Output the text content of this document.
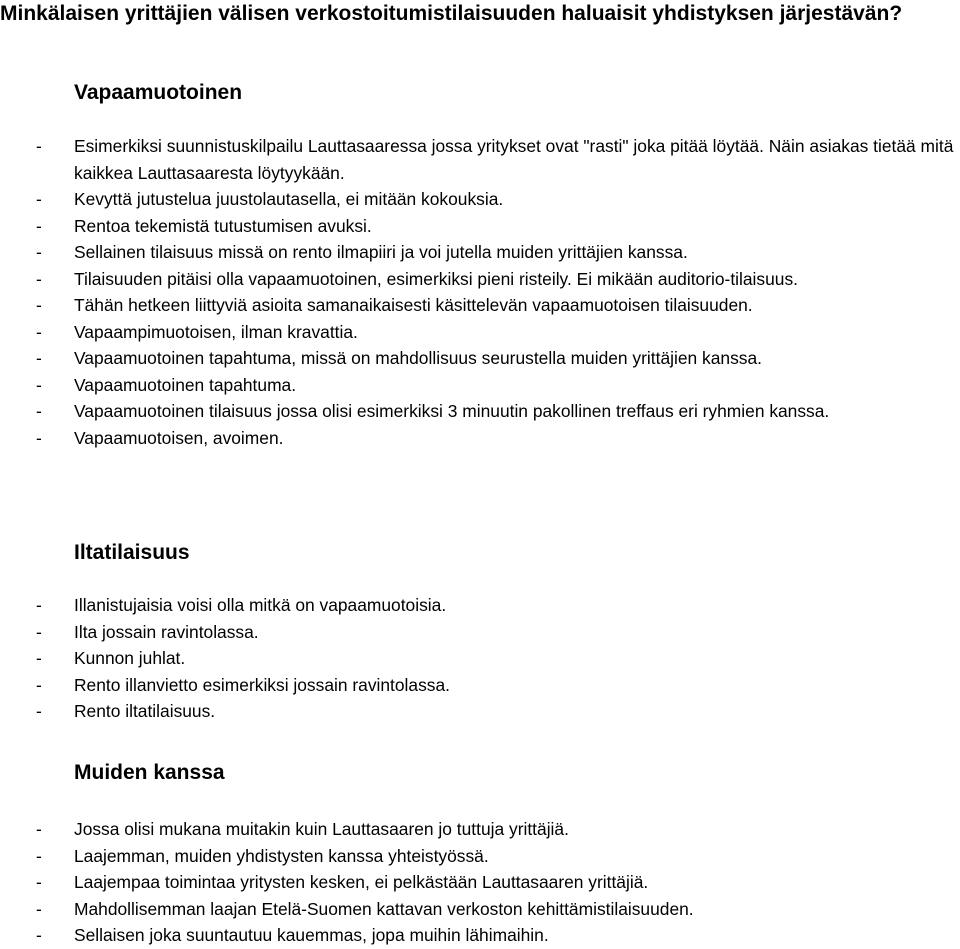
Minkälaisen yrittäjien välisen verkostoitumistilaisuuden haluaisit yhdistyksen järjestävän?
Vapaamuotoinen
- Esimerkiksi suunnistuskilpailu Lauttasaaressa jossa yritykset ovat "rasti" joka pitää löytää. Näin asiakas tietää mitä kaikkea Lauttasaaresta löytyykään.
- Kevyttä jutustelua juustolautasella, ei mitään kokouksia.
- Rentoa tekemistä tutustumisen avuksi.
- Sellainen tilaisuus missä on rento ilmapiiri ja voi jutella muiden yrittäjien kanssa.
- Tilaisuuden pitäisi olla vapaamuotoinen, esimerkiksi pieni risteily. Ei mikään auditorio-tilaisuus.
- Tähän hetkeen liittyviä asioita samanaikaisesti käsittelevän vapaamuotoisen tilaisuuden.
- Vapaampimuotoisen, ilman kravattia.
- Vapaamuotoinen tapahtuma, missä on mahdollisuus seurustella muiden yrittäjien kanssa.
- Vapaamuotoinen tapahtuma.
- Vapaamuotoinen tilaisuus jossa olisi esimerkiksi 3 minuutin pakollinen treffaus eri ryhmien kanssa.
- Vapaamuotoisen, avoimen.
Iltatilaisuus
- Illanistujaisia voisi olla mitkä on vapaamuotoisia.
- Ilta jossain ravintolassa.
- Kunnon juhlat.
- Rento illanvietto esimerkiksi jossain ravintolassa.
- Rento iltatilaisuus.
Muiden kanssa
- Jossa olisi mukana muitakin kuin Lauttasaaren jo tuttuja yrittäjiä.
- Laajemman, muiden yhdistysten kanssa yhteistyössä.
- Laajempaa toimintaa yritysten kesken, ei pelkästään Lauttasaaren yrittäjiä.
- Mahdollisemman laajan Etelä-Suomen kattavan verkoston kehittämistilaisuuden.
- Sellaisen joka suuntautuu kauemmas, jopa muihin lähimaihin.
